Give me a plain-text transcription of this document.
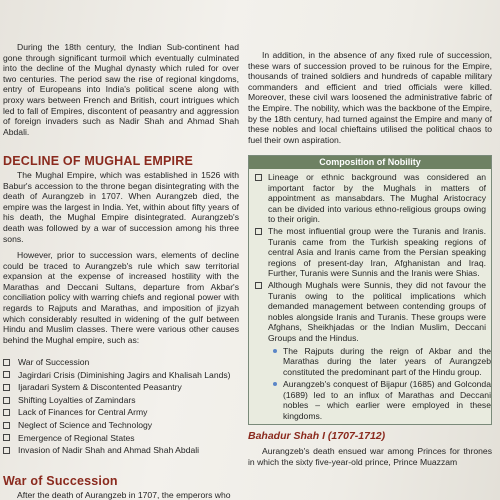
During the 18th century, the Indian Sub-continent had gone through significant turmoil which eventually culminated into the decline of the Mughal dynasty which ruled for over two centuries. The period saw the rise of regional kingdoms, entry of Europeans into India's political scene along with proxy wars between French and British, court intrigues which led to fall of Empires, discontent of peasantry and aggression of foreign invaders such as Nadir Shah and Ahmad Shah Abdali.

DECLINE OF MUGHAL EMPIRE

The Mughal Empire, which was established in 1526 with Babur's accession to the throne began disintegrating with the death of Aurangzeb in 1707. When Aurangzeb died, the empire was the largest in India. Yet, within about fifty years of his death, the Mughal Empire disintegrated. Aurangzeb's death was followed by a war of succession among his three sons.

However, prior to succession wars, elements of decline could be traced to Aurangzeb's rule which saw territorial expansion at the expense of increased hostility with the Marathas and Deccani Sultans, departure from Akbar's conciliation policy with warring chiefs and regional power with regards to Rajputs and Marathas, and imposition of jizyah which considerably resulted in widening of the gulf between Hindu and Muslim classes. There were various other causes behind the Mughal empire, such as:

War of Succession
Jagirdari Crisis (Diminishing Jagirs and Khalisah Lands)
Ijaradari System & Discontented Peasantry
Shifting Loyalties of Zamindars
Lack of Finances for Central Army
Neglect of Science and Technology
Emergence of Regional States
Invasion of Nadir Shah and Ahmad Shah Abdali
War of Succession

After the death of Aurangzeb in 1707, the emperors who

In addition, in the absence of any fixed rule of succession, these wars of succession proved to be ruinous for the Empire, thousands of trained soldiers and hundreds of capable military commanders and efficient and tried officials were killed. Moreover, these civil wars loosened the administrative fabric of the Empire. The nobility, which was the backbone of the Empire, by the 18th century, had turned against the Empire and many of these nobles and local chieftains utilised the political chaos to fuel their own aspiration.

Composition of Nobility

Lineage or ethnic background was considered an important factor by the Mughals in matters of appointment as mansabdars. The Mughal Aristocracy can be divided into various ethno-religious groups owing to their origin.

The most influential group were the Turanis and Iranis. Turanis came from the Turkish speaking regions of central Asia and Iranis came from the Persian speaking regions of present-day Iran, Afghanistan and Iraq. Further, Turanis were Sunnis and the Iranis were Shias.

Although Mughals were Sunnis, they did not favour the Turanis owing to the political implications which demanded management between contending groups of nobles alongside Iranis and Turanis. These groups were Afghans, Sheikhjadas or the Indian Muslim, Deccani Groups and the Hindus.

The Rajputs during the reign of Akbar and the Marathas during the later years of Aurangzeb constituted the predominant part of the Hindu group.

Aurangzeb's conquest of Bijapur (1685) and Golconda (1689) led to an influx of Marathas and Deccani nobles – which earlier were employed in these kingdoms.

Bahadur Shah I (1707-1712)

Aurangzeb's death ensued war among Princes for thrones in which the sixty five-year-old prince, Prince Muazzam
